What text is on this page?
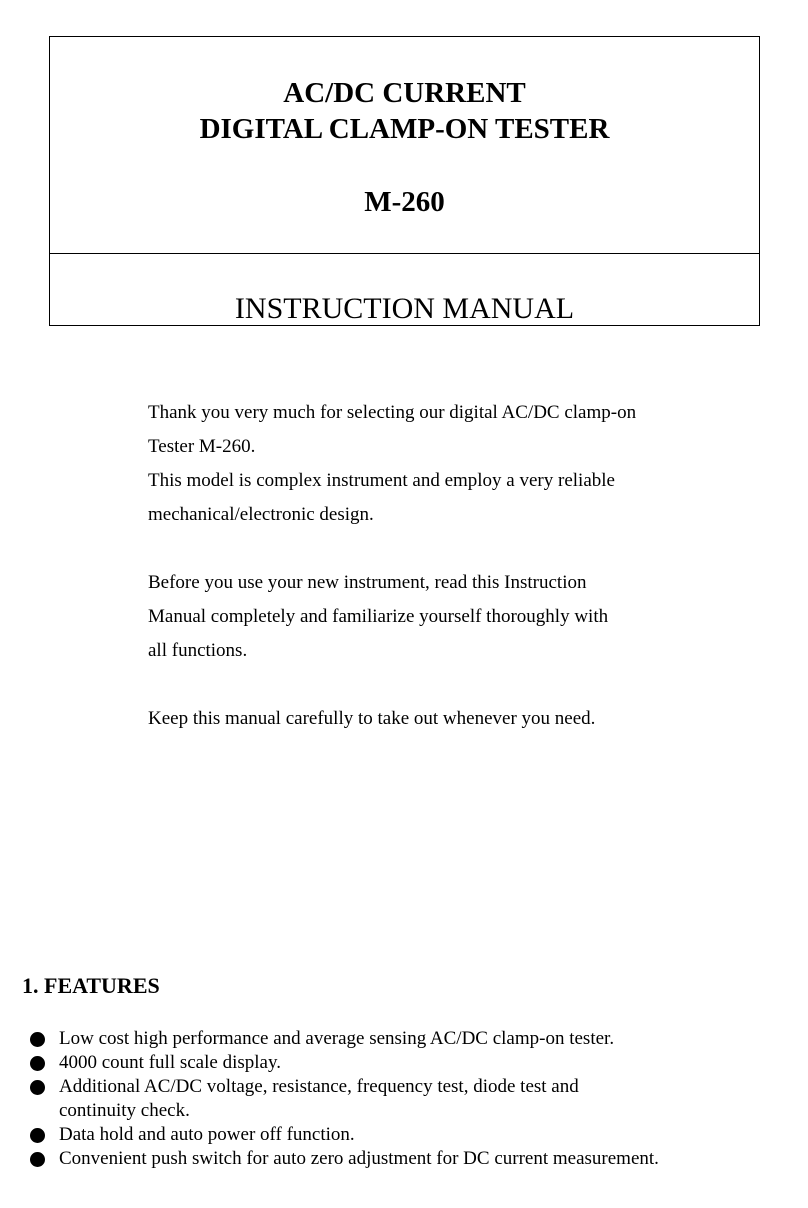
AC/DC CURRENT
DIGITAL CLAMP-ON TESTER
M-260
INSTRUCTION MANUAL

Thank you very much for selecting our digital AC/DC clamp-on

Tester M-260.

This model is complex instrument and employ a very reliable

mechanical/electronic design.

Before you use your new instrument, read this Instruction

Manual completely and familiarize yourself thoroughly with

all functions.

Keep this manual carefully to take out whenever you need.

1. FEATURES
Low cost high performance and average sensing AC/DC clamp-on tester.
4000 count full scale display.
Additional AC/DC voltage, resistance, frequency test, diode test and
continuity check.
Data hold and auto power off function.
Convenient push switch for auto zero adjustment for DC current measurement.
